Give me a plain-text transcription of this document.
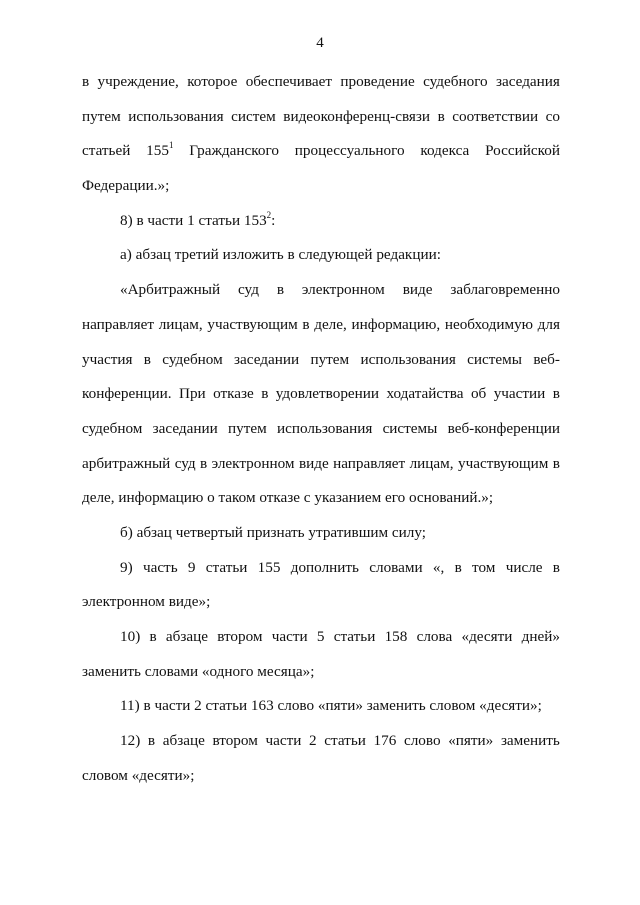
4
в учреждение, которое обеспечивает проведение судебного заседания
путем использования систем видеоконференц-связи в соответствии со
статьей $155^1$ Гражданского процессуального кодекса Российской
Федерации.»;
8) в части 1 статьи $153^2$:
а) абзац третий изложить в следующей редакции:
«Арбитражный суд в электронном виде заблаговременно
направляет лицам, участвующим в деле, информацию, необходимую для
участия в судебном заседании путем использования системы веб-
конференции. При отказе в удовлетворении ходатайства об участии в
судебном заседании путем использования системы веб-конференции
арбитражный суд в электронном виде направляет лицам, участвующим в
деле, информацию о таком отказе с указанием его оснований.»;
б) абзац четвертый признать утратившим силу;
9) часть 9 статьи 155 дополнить словами «, в том числе в
электронном виде»;
10) в абзаце втором части 5 статьи 158 слова «десяти дней»
заменить словами «одного месяца»;
11) в части 2 статьи 163 слово «пяти» заменить словом «десяти»;
12) в абзаце втором части 2 статьи 176 слово «пяти» заменить
словом «десяти»;
